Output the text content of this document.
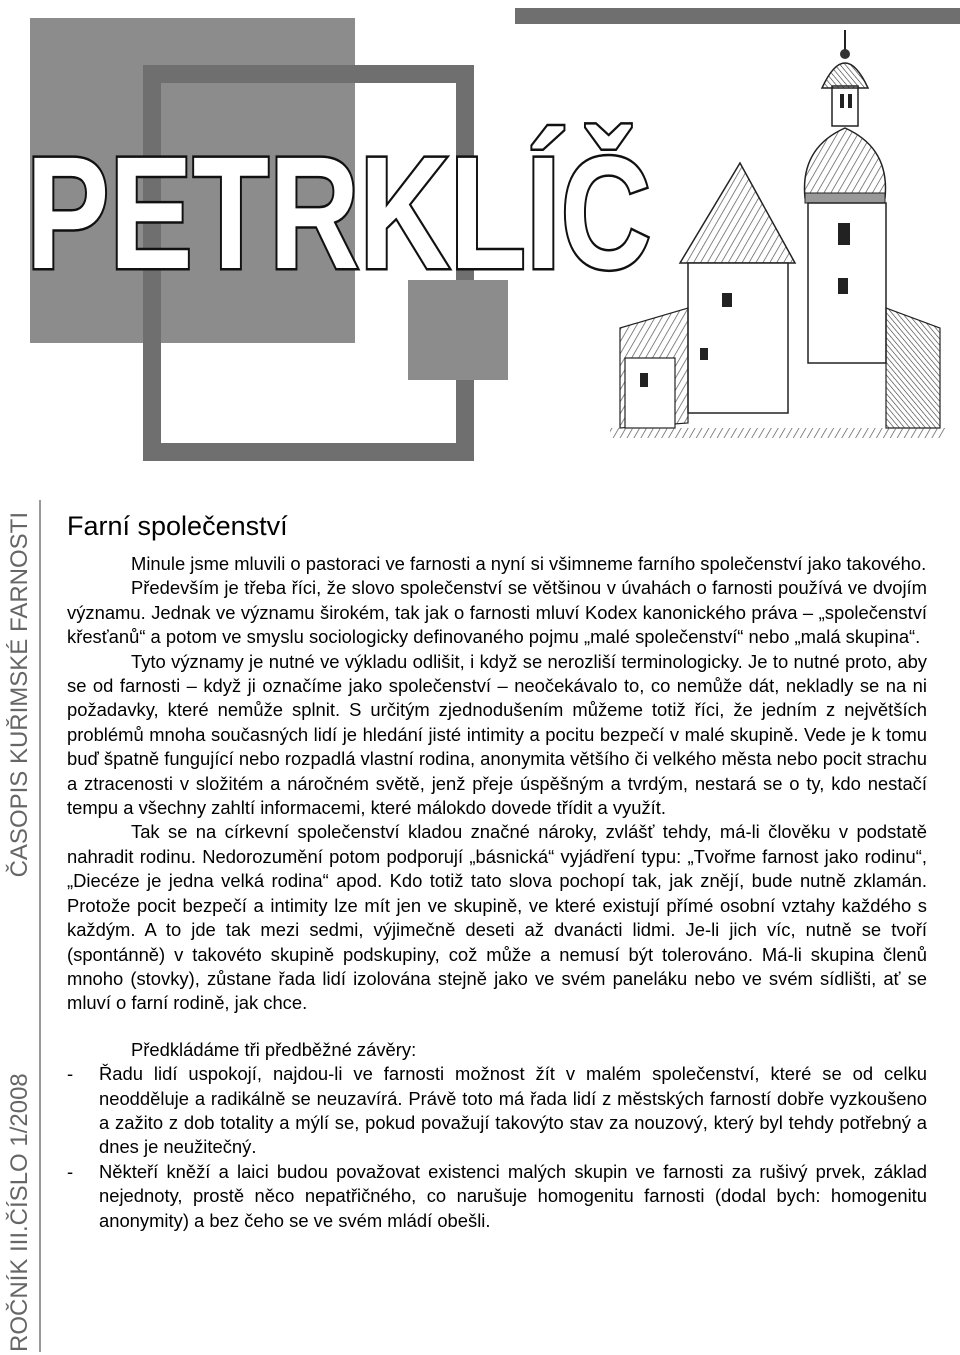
PETRKLÍČ
ROČNÍK III.
ČÍSLO 1/2008
ČASOPIS KUŘIMSKÉ FARNOSTI Farní společenství

Minule jsme mluvili o pastoraci ve farnosti a nyní si všimneme farního společenství jako takového.

Především je třeba říci, že slovo společenství se většinou v úvahách o farnosti používá ve dvojím významu. Jednak ve významu širokém, tak jak o farnosti mluví Kodex kanonického práva – „společenství křesťanů“ a potom ve smyslu sociologicky definovaného pojmu „malé společenství“ nebo „malá skupina“.

Tyto významy je nutné ve výkladu odlišit, i když se nerozliší terminologicky. Je to nutné proto, aby se od farnosti – když ji označíme jako společenství – neočekávalo to, co nemůže dát, nekladly se na ni požadavky, které nemůže splnit. S určitým zjednodušením můžeme totiž říci, že jedním z největších problémů mnoha současných lidí je hledání jisté intimity a pocitu bezpečí v malé skupině. Vede je k tomu buď špatně fungující nebo rozpadlá vlastní rodina, anonymita většího či velkého města nebo pocit strachu a ztracenosti v složitém a náročném světě, jenž přeje úspěšným a tvrdým, nestará se o ty, kdo nestačí tempu a všechny zahltí informacemi, které málokdo dovede třídit a využít.

Tak se na církevní společenství kladou značné nároky, zvlášť tehdy, má-li člověku v podstatě nahradit rodinu. Nedorozumění potom podporují „básnická“ vyjádření typu: „Tvořme farnost jako rodinu“, „Diecéze je jedna velká rodina“ apod. Kdo totiž tato slova pochopí tak, jak znějí, bude nutně zklamán. Protože pocit bezpečí a intimity lze mít jen ve skupině, ve které existují přímé osobní vztahy každého s každým. A to jde tak mezi sedmi, výjimečně deseti až dvanácti lidmi. Je-li jich víc, nutně se tvoří (spontánně) v takovéto skupině podskupiny, což může a nemusí být tolerováno. Má-li skupina členů mnoho (stovky), zůstane řada lidí izolována stejně jako ve svém paneláku nebo ve svém sídlišti, ať se mluví o farní rodině, jak chce.

Předkládáme tři předběžné závěry:

- Řadu lidí uspokojí, najdou-li ve farnosti možnost žít v malém společenství, které se od celku neodděluje a radikálně se neuzavírá. Právě toto má řada lidí z městských farností dobře vyzkoušeno a zažito z dob totality a mýlí se, pokud považují takovýto stav za nouzový, který byl tehdy potřebný a dnes je neužitečný.
- Někteří kněží a laici budou považovat existenci malých skupin ve farnosti za rušivý prvek, základ nejednoty, prostě něco nepatřičného, co narušuje homogenitu farnosti (dodal bych: homogenitu anonymity) a bez čeho se ve svém mládí obešli.
